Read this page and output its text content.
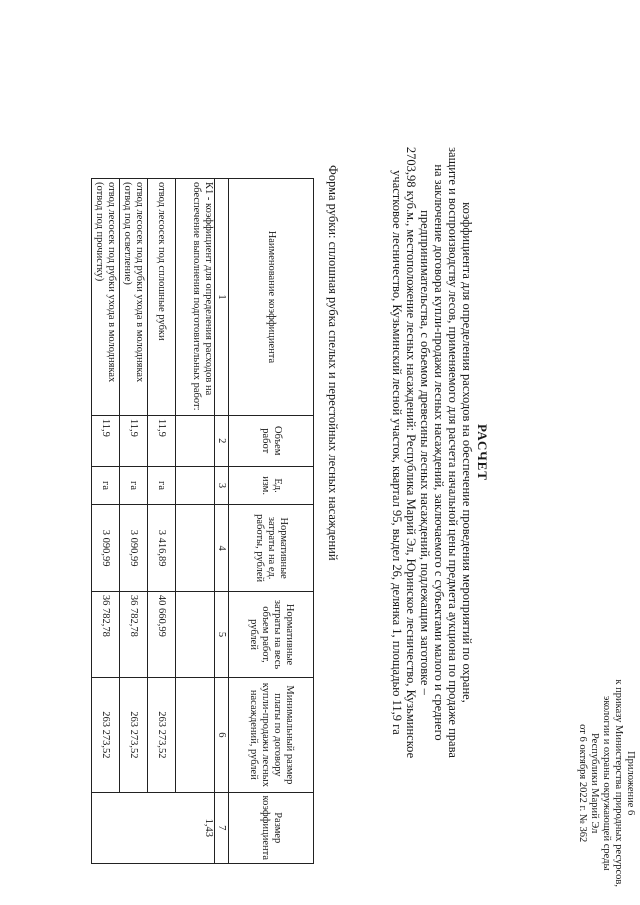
Приложение 6
к приказу Министерства природных ресурсов,
экологии и охраны окружающей среды
Республики Марий Эл
от 6 октября 2022 г. № 362
РАСЧЕТ
коэффициента для определения расходов на обеспечение проведения мероприятий по охране,
защите и воспроизводству лесов, применяемого для расчета начальной цены предмета аукциона по продаже права
на заключение договора купли-продажи лесных насаждений, заключаемого с субъектами малого и среднего
предпринимательства, с объемом древесины лесных насаждений, подлежащим заготовке –
2703,98 куб.м., местоположение лесных насаждений: Республика Марий Эл, Юринское лесничество, Кузьминское
участковое лесничество, Кузьминский лесной участок, квартал 95, выдел 26, делянка 1, площадью 11,9 га
Форма рубки: сплошная рубка спелых и перестойных лесных насаждений
Наименование коэффициента	Объем работ	Ед. изм.	Нормативные затраты на ед. работы, рублей	Нормативные затраты на весь объем работ, рублей	Минимальный размер платы по договору купли-продажи лесных насаждений, рублей	Размер коэффициента
1	2	3	4	5	6	7
К1 - коэффициент для определения расходов на обеспечение выполнения подготовительных работ:						1,43
отвод лесосек под сплошные рубки	11,9	га	3 416,89	40 660,99	263 273,52	
отвод лесосек под рубки ухода в молодняках (отвод под осветление)	11,9	га	3 090,99	36 782,78	263 273,52	
отвод лесосек под рубки ухода в молодняках (отвод под прочистку)	11,9	га	3 090,99	36 782,78	263 273,52	
